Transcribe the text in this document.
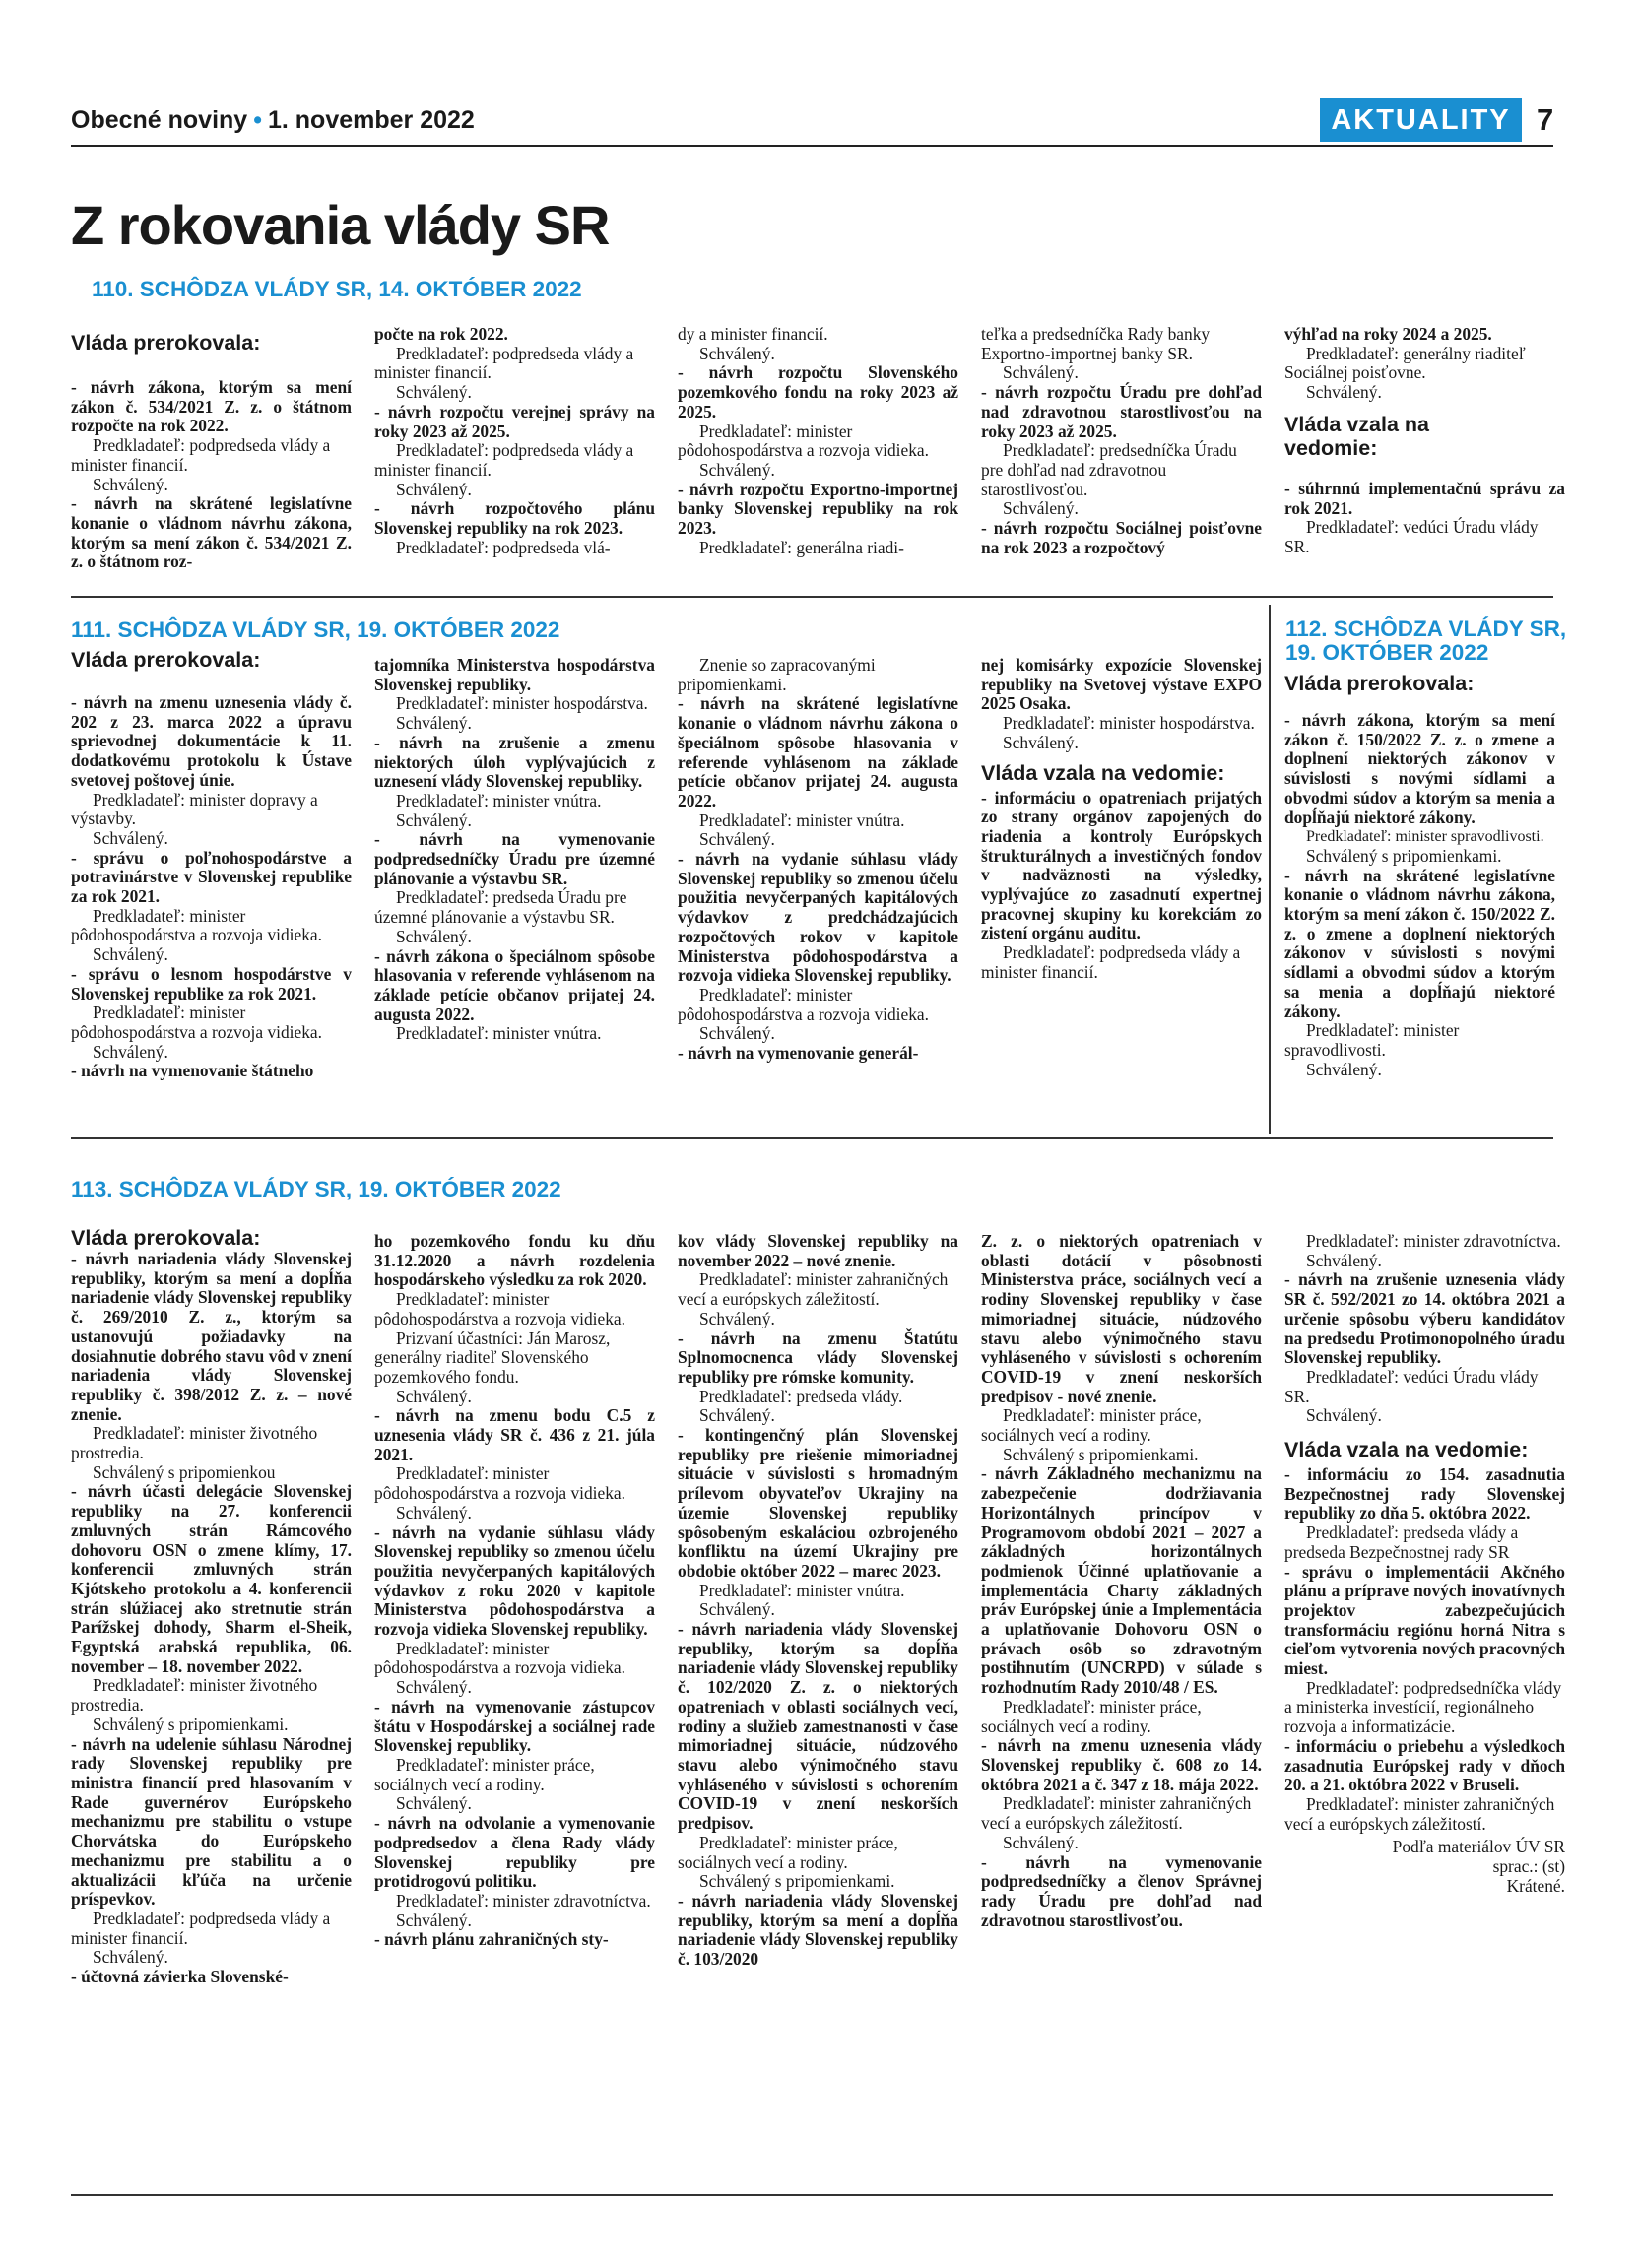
Obecné noviny • 1. november 2022	AKTUALITY 7
Z rokovania vlády SR
110. SCHÔDZA VLÁDY SR, 14. OKTÓBER 2022

Vláda prerokovala:

- návrh zákona, ktorým sa mení zákon č. 534/2021 Z. z. o štátnom rozpočte na rok 2022.

Predkladateľ: podpredseda vlády a minister financií.

Schválený.

- návrh na skrátené legislatívne konanie o vládnom návrhu zákona, ktorým sa mení zákon č. 534/2021 Z. z. o štátnom roz-

počte na rok 2022.

Predkladateľ: podpredseda vlády a minister financií.

Schválený.

- návrh rozpočtu verejnej správy na roky 2023 až 2025.

Predkladateľ: podpredseda vlády a minister financií.

Schválený.

- návrh rozpočtového plánu Slovenskej republiky na rok 2023.

Predkladateľ: podpredseda vlá-

dy a minister financií.

Schválený.

- návrh rozpočtu Slovenského pozemkového fondu na roky 2023 až 2025.

Predkladateľ: minister pôdohospodárstva a rozvoja vidieka.

Schválený.

- návrh rozpočtu Exportno-importnej banky Slovenskej republiky na rok 2023.

Predkladateľ: generálna riadi-

teľka a predsedníčka Rady banky Exportno-importnej banky SR.

Schválený.

- návrh rozpočtu Úradu pre dohľad nad zdravotnou starostlivosťou na roky 2023 až 2025.

Predkladateľ: predsedníčka Úradu pre dohľad nad zdravotnou starostlivosťou.

Schválený.

- návrh rozpočtu Sociálnej poisťovne na rok 2023 a rozpočtový

výhľad na roky 2024 a 2025.

Predkladateľ: generálny riaditeľ Sociálnej poisťovne.

Schválený.

Vláda vzala na vedomie:

- súhrnnú implementačnú správu za rok 2021.

Predkladateľ: vedúci Úradu vlády SR.

111. SCHÔDZA VLÁDY SR, 19. OKTÓBER 2022

Vláda prerokovala:

- návrh na zmenu uznesenia vlády č. 202 z 23. marca 2022 a úpravu sprievodnej dokumentácie k 11. dodatkovému protokolu k Ústave svetovej poštovej únie.

Predkladateľ: minister dopravy a výstavby.

Schválený.

- správu o poľnohospodárstve a potravinárstve v Slovenskej republike za rok 2021.

Predkladateľ: minister pôdohospodárstva a rozvoja vidieka.

Schválený.

- správu o lesnom hospodárstve v Slovenskej republike za rok 2021.

Predkladateľ: minister pôdohospodárstva a rozvoja vidieka.

Schválený.

- návrh na vymenovanie štátneho

tajomníka Ministerstva hospodárstva Slovenskej republiky.

Predkladateľ: minister hospodárstva.

Schválený.

- návrh na zrušenie a zmenu niektorých úloh vyplývajúcich z uznesení vlády Slovenskej republiky.

Predkladateľ: minister vnútra.

Schválený.

- návrh na vymenovanie podpredsedníčky Úradu pre územné plánovanie a výstavbu SR.

Predkladateľ: predseda Úradu pre územné plánovanie a výstavbu SR.

Schválený.

- návrh zákona o špeciálnom spôsobe hlasovania v referende vyhlásenom na základe petície občanov prijatej 24. augusta 2022.

Predkladateľ: minister vnútra.

Znenie so zapracovanými pripomienkami.

- návrh na skrátené legislatívne konanie o vládnom návrhu zákona o špeciálnom spôsobe hlasovania v referende vyhlásenom na základe petície občanov prijatej 24. augusta 2022.

Predkladateľ: minister vnútra.

Schválený.

- návrh na vydanie súhlasu vlády Slovenskej republiky so zmenou účelu použitia nevyčerpaných kapitálových výdavkov z predchádzajúcich rozpočtových rokov v kapitole Ministerstva pôdohospodárstva a rozvoja vidieka Slovenskej republiky.

Predkladateľ: minister pôdohospodárstva a rozvoja vidieka.

Schválený.

- návrh na vymenovanie generál-

nej komisárky expozície Slovenskej republiky na Svetovej výstave EXPO 2025 Osaka.

Predkladateľ: minister hospodárstva.

Schválený.

Vláda vzala na vedomie:

- informáciu o opatreniach prijatých zo strany orgánov zapojených do riadenia a kontroly Európskych štrukturálnych a investičných fondov v nadväznosti na výsledky, vyplývajúce zo zasadnutí expertnej pracovnej skupiny ku korekciám zo zistení orgánu auditu.

Predkladateľ: podpredseda vlády a minister financií.

112. SCHÔDZA VLÁDY SR,
19. OKTÓBER 2022

Vláda prerokovala:

- návrh zákona, ktorým sa mení zákon č. 150/2022 Z. z. o zmene a doplnení niektorých zákonov v súvislosti s novými sídlami a obvodmi súdov a ktorým sa menia a dopĺňajú niektoré zákony.

Predkladateľ: minister spravodlivosti.

Schválený s pripomienkami.

- návrh na skrátené legislatívne konanie o vládnom návrhu zákona, ktorým sa mení zákon č. 150/2022 Z. z. o zmene a doplnení niektorých zákonov v súvislosti s novými sídlami a obvodmi súdov a ktorým sa menia a dopĺňajú niektoré zákony.

Predkladateľ: minister spravodlivosti.

Schválený.

113. SCHÔDZA VLÁDY SR, 19. OKTÓBER 2022

Vláda prerokovala:

- návrh nariadenia vlády Slovenskej republiky, ktorým sa mení a dopĺňa nariadenie vlády Slovenskej republiky č. 269/2010 Z. z., ktorým sa ustanovujú požiadavky na dosiahnutie dobrého stavu vôd v znení nariadenia vlády Slovenskej republiky č. 398/2012 Z. z. – nové znenie.

Predkladateľ: minister životného prostredia.

Schválený s pripomienkou

- návrh účasti delegácie Slovenskej republiky na 27. konferencii zmluvných strán Rámcového dohovoru OSN o zmene klímy, 17. konferencii zmluvných strán Kjótskeho protokolu a 4. konferencii strán slúžiacej ako stretnutie strán Parížskej dohody, Sharm el-Sheik, Egyptská arabská republika, 06. november – 18. november 2022.

Predkladateľ: minister životného prostredia.

Schválený s pripomienkami.

- návrh na udelenie súhlasu Národnej rady Slovenskej republiky pre ministra financií pred hlasovaním v Rade guvernérov Európskeho mechanizmu pre stabilitu o vstupe Chorvátska do Európskeho mechanizmu pre stabilitu a o aktualizácii kľúča na určenie príspevkov.

Predkladateľ: podpredseda vlády a minister financií.

Schválený.

- účtovná závierka Slovenské-

ho pozemkového fondu ku dňu 31.12.2020 a návrh rozdelenia hospodárskeho výsledku za rok 2020.

Predkladateľ: minister pôdohospodárstva a rozvoja vidieka.

Prizvaní účastníci: Ján Marosz, generálny riaditeľ Slovenského pozemkového fondu.

Schválený.

- návrh na zmenu bodu C.5 z uznesenia vlády SR č. 436 z 21. júla 2021.

Predkladateľ: minister pôdohospodárstva a rozvoja vidieka.

Schválený.

- návrh na vydanie súhlasu vlády Slovenskej republiky so zmenou účelu použitia nevyčerpaných kapitálových výdavkov z roku 2020 v kapitole Ministerstva pôdohospodárstva a rozvoja vidieka Slovenskej republiky.

Predkladateľ: minister pôdohospodárstva a rozvoja vidieka.

Schválený.

- návrh na vymenovanie zástupcov štátu v Hospodárskej a sociálnej rade Slovenskej republiky.

Predkladateľ: minister práce, sociálnych vecí a rodiny.

Schválený.

- návrh na odvolanie a vymenovanie podpredsedov a člena Rady vlády Slovenskej republiky pre protidrogovú politiku.

Predkladateľ: minister zdravotníctva.

Schválený.

- návrh plánu zahraničných sty-

kov vlády Slovenskej republiky na november 2022 – nové znenie.

Predkladateľ: minister zahraničných vecí a európskych záležitostí.

Schválený.

- návrh na zmenu Štatútu Splnomocnenca vlády Slovenskej republiky pre rómske komunity.

Predkladateľ: predseda vlády.

Schválený.

- kontingenčný plán Slovenskej republiky pre riešenie mimoriadnej situácie v súvislosti s hromadným prílevom obyvateľov Ukrajiny na územie Slovenskej republiky spôsobeným eskaláciou ozbrojeného konfliktu na území Ukrajiny pre obdobie október 2022 – marec 2023.

Predkladateľ: minister vnútra.

Schválený.

- návrh nariadenia vlády Slovenskej republiky, ktorým sa dopĺňa nariadenie vlády Slovenskej republiky č. 102/2020 Z. z. o niektorých opatreniach v oblasti sociálnych vecí, rodiny a služieb zamestnanosti v čase mimoriadnej situácie, núdzového stavu alebo výnimočného stavu vyhláseného v súvislosti s ochorením COVID-19 v znení neskorších predpisov.

Predkladateľ: minister práce, sociálnych vecí a rodiny.

Schválený s pripomienkami.

- návrh nariadenia vlády Slovenskej republiky, ktorým sa mení a dopĺňa nariadenie vlády Slovenskej republiky č. 103/2020

Z. z. o niektorých opatreniach v oblasti dotácií v pôsobnosti Ministerstva práce, sociálnych vecí a rodiny Slovenskej republiky v čase mimoriadnej situácie, núdzového stavu alebo výnimočného stavu vyhláseného v súvislosti s ochorením COVID-19 v znení neskorších predpisov - nové znenie.

Predkladateľ: minister práce, sociálnych vecí a rodiny.

Schválený s pripomienkami.

- návrh Základného mechanizmu na zabezpečenie dodržiavania Horizontálnych princípov v Programovom období 2021 – 2027 a základných horizontálnych podmienok Účinné uplatňovanie a implementácia Charty základných práv Európskej únie a Implementácia a uplatňovanie Dohovoru OSN o právach osôb so zdravotným postihnutím (UNCRPD) v súlade s rozhodnutím Rady 2010/48 / ES.

Predkladateľ: minister práce, sociálnych vecí a rodiny.

- návrh na zmenu uznesenia vlády Slovenskej republiky č. 608 zo 14. októbra 2021 a č. 347 z 18. mája 2022.

Predkladateľ: minister zahraničných vecí a európskych záležitostí.

Schválený.

- návrh na vymenovanie podpredsedníčky a členov Správnej rady Úradu pre dohľad nad zdravotnou starostlivosťou.

Predkladateľ: minister zdravotníctva.

Schválený.

- návrh na zrušenie uznesenia vlády SR č. 592/2021 zo 14. októbra 2021 a určenie spôsobu výberu kandidátov na predsedu Protimonopolného úradu Slovenskej republiky.

Predkladateľ: vedúci Úradu vlády SR.

Schválený.

Vláda vzala na vedomie:

- informáciu zo 154. zasadnutia Bezpečnostnej rady Slovenskej republiky zo dňa 5. októbra 2022.

Predkladateľ: predseda vlády a predseda Bezpečnostnej rady SR

- správu o implementácii Akčného plánu a príprave nových inovatívnych projektov zabezpečujúcich transformáciu regiónu horná Nitra s cieľom vytvorenia nových pracovných miest.

Predkladateľ: podpredsedníčka vlády a ministerka investícií, regionálneho rozvoja a informatizácie.

- informáciu o priebehu a výsledkoch zasadnutia Európskej rady v dňoch 20. a 21. októbra 2022 v Bruseli.

Predkladateľ: minister zahraničných vecí a európskych záležitostí.

Podľa materiálov ÚV SR

sprac.: (st)

Krátené.
